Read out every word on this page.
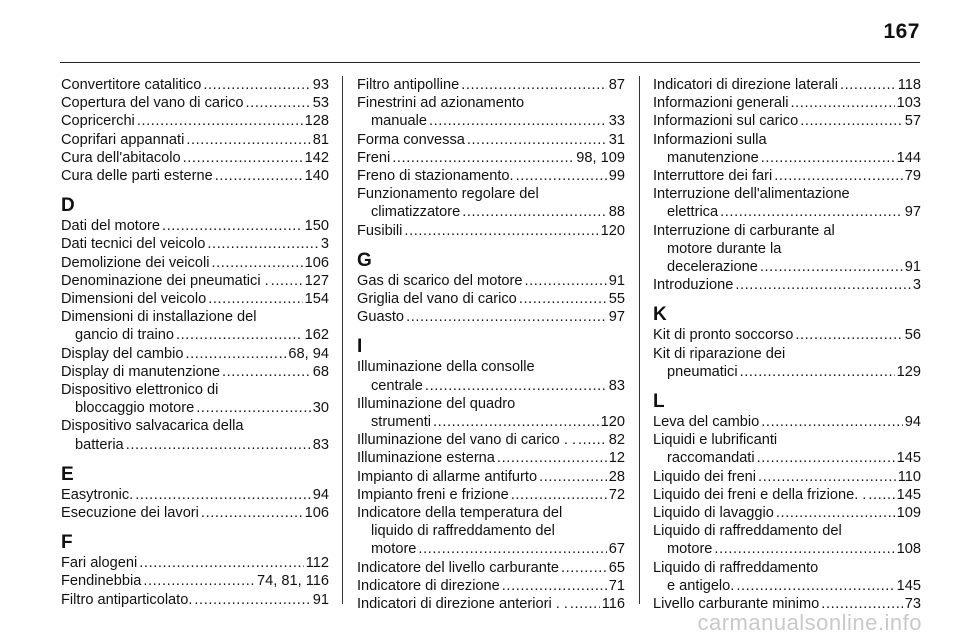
167
Convertitore catalitico .....	93
Copertura del vano di carico .....	53
Copricerchi .....	128
Coprifari appannati .....	81
Cura dell'abitacolo .....	142
Cura delle parti esterne .....	140
D
Dati del motore .....	150
Dati tecnici del veicolo .....	3
Demolizione dei veicoli .....	106
Denominazione dei pneumatici . ..... 127
Dimensioni del veicolo .....	154
Dimensioni di installazione del
gancio di traino .....	162
Display del cambio .....	68, 94
Display di manutenzione .....	68
Dispositivo elettronico di
bloccaggio motore .....	30
Dispositivo salvacarica della
batteria .....	83
E
Easytronic. .....	94
Esecuzione dei lavori .....	106
F
Fari alogeni .....	112
Fendinebbia .....	74, 81, 116
Filtro antiparticolato. .....	91
Filtro antipolline .....	87
Finestrini ad azionamento
manuale .....	33
Forma convessa .....	31
Freni .....	98, 109
Freno di stazionamento. .....	99
Funzionamento regolare del
climatizzatore .....	88
Fusibili .....	120
G
Gas di scarico del motore .....	91
Griglia del vano di carico .....	55
Guasto .....	97
I
Illuminazione della consolle
centrale .....	83
Illuminazione del quadro
strumenti .....	120
Illuminazione del vano di carico . . ..... 82
Illuminazione esterna .....	12
Impianto di allarme antifurto .....	28
Impianto freni e frizione .....	72
Indicatore della temperatura del
liquido di raffreddamento del
motore .....	67
Indicatore del livello carburante .....	65
Indicatore di direzione .....	71
Indicatori di direzione anteriori . . ..... 116
Indicatori di direzione laterali .....	118
Informazioni generali .....	103
Informazioni sul carico .....	57
Informazioni sulla
manutenzione .....	144
Interruttore dei fari .....	79
Interruzione dell'alimentazione
elettrica .....	97
Interruzione di carburante al
motore durante la
decelerazione .....	91
Introduzione .....	3
K
Kit di pronto soccorso .....	56
Kit di riparazione dei
pneumatici .....	129
L
Leva del cambio .....	94
Liquidi e lubrificanti
raccomandati .....	145
Liquido dei freni .....	110
Liquido dei freni e della frizione. . ..... 145
Liquido di lavaggio .....	109
Liquido di raffreddamento del
motore .....	108
Liquido di raffreddamento
e antigelo. .....	145
Livello carburante minimo .....	73
carmanualsonline.info
